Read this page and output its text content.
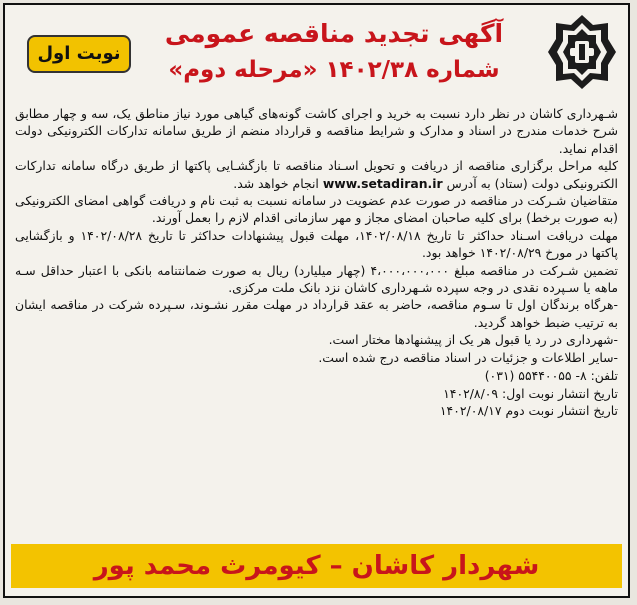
آگهی تجدید مناقصه عمومی
شماره ۱۴۰۲/۳۸ «مرحله دوم»
نوبت اول

شـهرداری کاشان در نظر دارد نسبت به خرید و اجرای کاشت گونه‌های گیاهی مورد نیاز مناطق یک، سه و چهار مطابق شرح خدمات مندرج در اسناد و مدارک و شرایط مناقصه و قرارداد منضم از طریق سامانه تدارکات الکترونیکی دولت اقدام نماید.

کلیه مراحل برگزاری مناقصه از دریافت و تحویل اسـناد مناقصه تا بازگشـایی پاکتها از طریق درگاه سامانه تدارکات الکترونیکی دولت (ستاد) به آدرس www.setadiran.ir انجام خواهد شد.

متقاضیان شـرکت در مناقصه در صورت عدم عضویت در سامانه نسبت به ثبت نام و دریافت گواهی امضای الکترونیکی (به صورت برخط) برای کلیه صاحبان امضای مجاز و مهر سازمانی اقدام لازم را بعمل آورند.

مهلت دریافت اسـناد حداکثر تا تاریخ ۱۴۰۲/۰۸/۱۸، مهلت قبول پیشنهادات حداکثر تا تاریخ ۱۴۰۲/۰۸/۲۸ و بازگشایی پاکتها در مورخ ۱۴۰۲/۰۸/۲۹ خواهد بود.

تضمین شـرکت در مناقصه مبلغ ۴،۰۰۰،۰۰۰،۰۰۰ (چهار میلیارد) ریال به صورت ضمانتنامه بانکی با اعتبار حداقل سـه ماهه یا سـپرده نقدی در وجه سپرده شـهرداری کاشان نزد بانک ملت مرکزی.

-هرگاه برندگان اول تا سـوم مناقصه، حاضر به عقد قرارداد در مهلت مقرر نشـوند، سـپرده شرکت در مناقصه ایشان به ترتیب ضبط خواهد گردید.

-شهرداری در رد یا قبول هر یک از پیشنهادها مختار است.

-سایر اطلاعات و جزئیات در اسناد مناقصه درج شده است.

تلفن: ۸- ۵۵۴۴۰۰۵۵ (۰۳۱)

تاریخ انتشار نوبت اول: ۱۴۰۲/۸/۰۹

تاریخ انتشار نوبت دوم ۱۴۰۲/۰۸/۱۷

شهردار کاشان – کیومرث محمد پور
